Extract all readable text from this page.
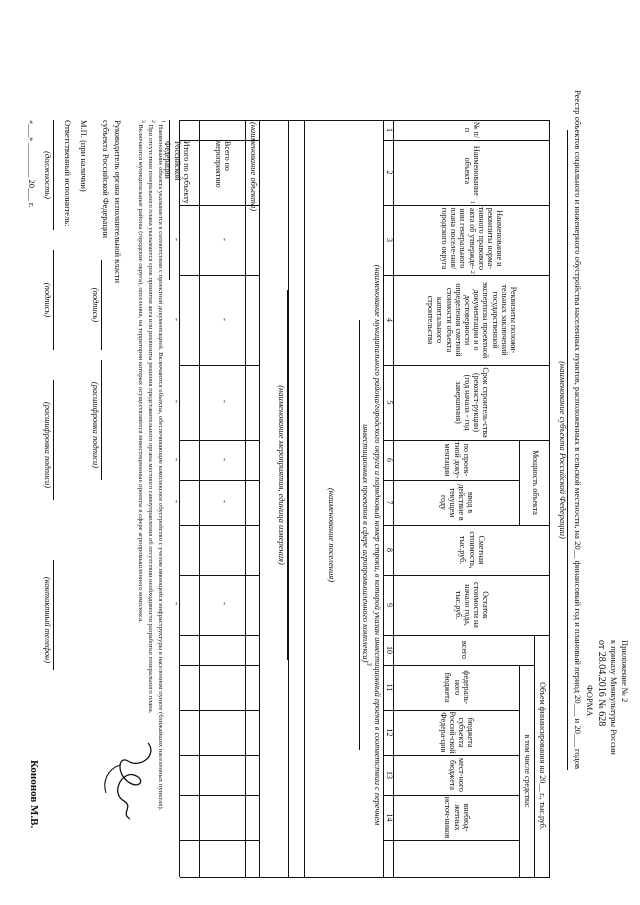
Приложение № 2
к приказу Минкультуры России
от 28.04.2016 № 628
ФОРМА
Реестр объектов социального и инженерного обустройства населенных пунктов, расположенных в сельской местности, на 20__ финансовый год и плановый период 20___ и 20___ годов
(наименование субъекта Российской Федерации)
№ п/п
Наименование объекта
1
Наименование и реквизиты норма-тивного правового акта об утвержде-нии генерального плана поселе-ния/городского округа
2
Реквизиты положи-тельных заключений государственной экспертизы проектной документации и о достоверности определения сметной стоимости объекта капитального строительства
Срок строитель-ства (реконст-рукции) (год начала - год завершения)
Мощность объекта
по проек-тной доку-ментации
ввод в действие в текущем году
Сметная стоимость, тыс.руб.
Остаток стоимости на начало года, тыс.руб.
Объем финансирования на 20__ г., тыс.руб.
всего
в том числе средства:
федераль-ного бюджета
бюджета субъекта Россий-ской Федера-ции
мест-ного бюджета
внебюд-жетных источ-ников
1
2
3
4
5
6
7
8
9
10
11
12
13
14
(наименование муниципального района/городского округа и порядковый номер строки, в которой указан инвестиционный проект в соответствии с перечнем инвестиционных проектов в сфере агропромышленного комплекса)$^3$
(наименование поселения)
(наименование мероприятия, единица измерения)
(наименование объекта)
Всего по мероприятию
Итого по субъекту Российской Федерации
-
-
-
-
-
-
-
-
-
-
-
-
$^1$ Наименование объекта указывается в соответствии с проектной документацией. Включаются объекты, обеспечивающие комплексное обустройство с учетом имеющейся инфраструктуры в населенном пункте (ближайших населенных пунктах).
$^2$ При отсутствии генерального плана указывается срок принятия акта или реквизиты решения представительного органа местного самоуправления об отсутствии необходимости разработки генерального плана.
$^3$ Включаются муниципальные районы (городские округа), поселения, на территории которых осуществляются инвестиционные проекты в сфере агропромышленного комплекса.
Руководитель органа исполнительной власти
субъекта Российской Федерации
(подпись)
(расшифровка подписи)
М.П. (при наличии)
Ответственный исполнитель:
(должность)
(подпись)
(расшифровка подписи)
(контактный телефон)
«___» ________ 20___ г.
Кононов М.В.
